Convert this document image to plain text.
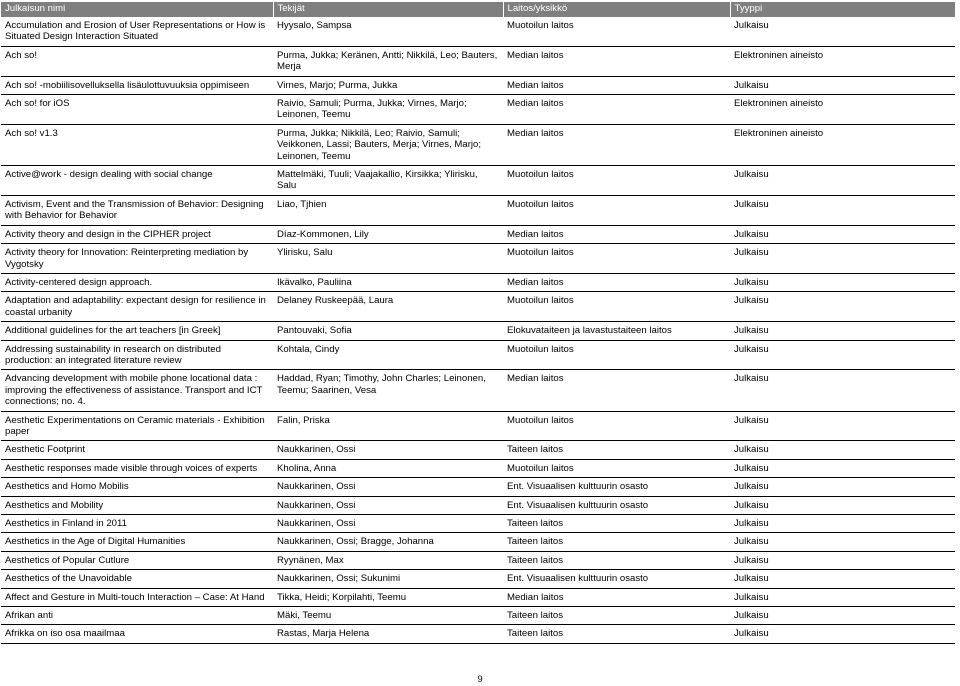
Julkaisun nimi	Tekijät	Laitos/yksikkö	Tyyppi
Accumulation and Erosion of User Representations or How is Situated Design Interaction Situated	Hyysalo, Sampsa	Muotoilun laitos	Julkaisu
Ach so!	Purma, Jukka; Keränen, Antti; Nikkilä, Leo; Bauters, Merja	Median laitos	Elektroninen aineisto
Ach so! -mobiilisovelluksella lisäulottuvuuksia oppimiseen	Virnes, Marjo; Purma, Jukka	Median laitos	Julkaisu
Ach so! for iOS	Raivio, Samuli; Purma, Jukka; Virnes, Marjo; Leinonen, Teemu	Median laitos	Elektroninen aineisto
Ach so! v1.3	Purma, Jukka; Nikkilä, Leo; Raivio, Samuli; Veikkonen, Lassi; Bauters, Merja; Virnes, Marjo; Leinonen, Teemu	Median laitos	Elektroninen aineisto
Active@work - design dealing with social change	Mattelmäki, Tuuli; Vaajakallio, Kirsikka; Ylirisku, Salu	Muotoilun laitos	Julkaisu
Activism, Event and the Transmission of Behavior: Designing with Behavior for Behavior	Liao, Tjhien	Muotoilun laitos	Julkaisu
Activity theory and design in the CIPHER project	Díaz-Kommonen, Lily	Median laitos	Julkaisu
Activity theory for Innovation: Reinterpreting mediation by Vygotsky	Ylirisku, Salu	Muotoilun laitos	Julkaisu
Activity-centered design approach.	Ikävalko, Pauliina	Median laitos	Julkaisu
Adaptation and adaptability: expectant design for resilience in coastal urbanity	Delaney Ruskeepää, Laura	Muotoilun laitos	Julkaisu
Additional guidelines for the art teachers [in Greek]	Pantouvaki, Sofia	Elokuvataiteen ja lavastustaiteen laitos	Julkaisu
Addressing sustainability in research on distributed production: an integrated literature review	Kohtala, Cindy	Muotoilun laitos	Julkaisu
Advancing development with mobile phone locational data : improving the effectiveness of assistance. Transport and ICT connections; no. 4.	Haddad, Ryan; Timothy, John Charles; Leinonen, Teemu; Saarinen, Vesa	Median laitos	Julkaisu
Aesthetic Experimentations on Ceramic materials - Exhibition paper	Falin, Priska	Muotoilun laitos	Julkaisu
Aesthetic Footprint	Naukkarinen, Ossi	Taiteen laitos	Julkaisu
Aesthetic responses made visible through voices of experts	Kholina, Anna	Muotoilun laitos	Julkaisu
Aesthetics and Homo Mobilis	Naukkarinen, Ossi	Ent. Visuaalisen kulttuurin osasto	Julkaisu
Aesthetics and Mobility	Naukkarinen, Ossi	Ent. Visuaalisen kulttuurin osasto	Julkaisu
Aesthetics in Finland in 2011	Naukkarinen, Ossi	Taiteen laitos	Julkaisu
Aesthetics in the Age of Digital Humanities	Naukkarinen, Ossi; Bragge, Johanna	Taiteen laitos	Julkaisu
Aesthetics of Popular Cutlure	Ryynänen, Max	Taiteen laitos	Julkaisu
Aesthetics of the Unavoidable	Naukkarinen, Ossi; Sukunimi	Ent. Visuaalisen kulttuurin osasto	Julkaisu
Affect and Gesture in Multi-touch Interaction – Case: At Hand	Tikka, Heidi; Korpilahti, Teemu	Median laitos	Julkaisu
Afrikan anti	Mäki, Teemu	Taiteen laitos	Julkaisu
Afrikka on iso osa maailmaa	Rastas, Marja Helena	Taiteen laitos	Julkaisu
9
